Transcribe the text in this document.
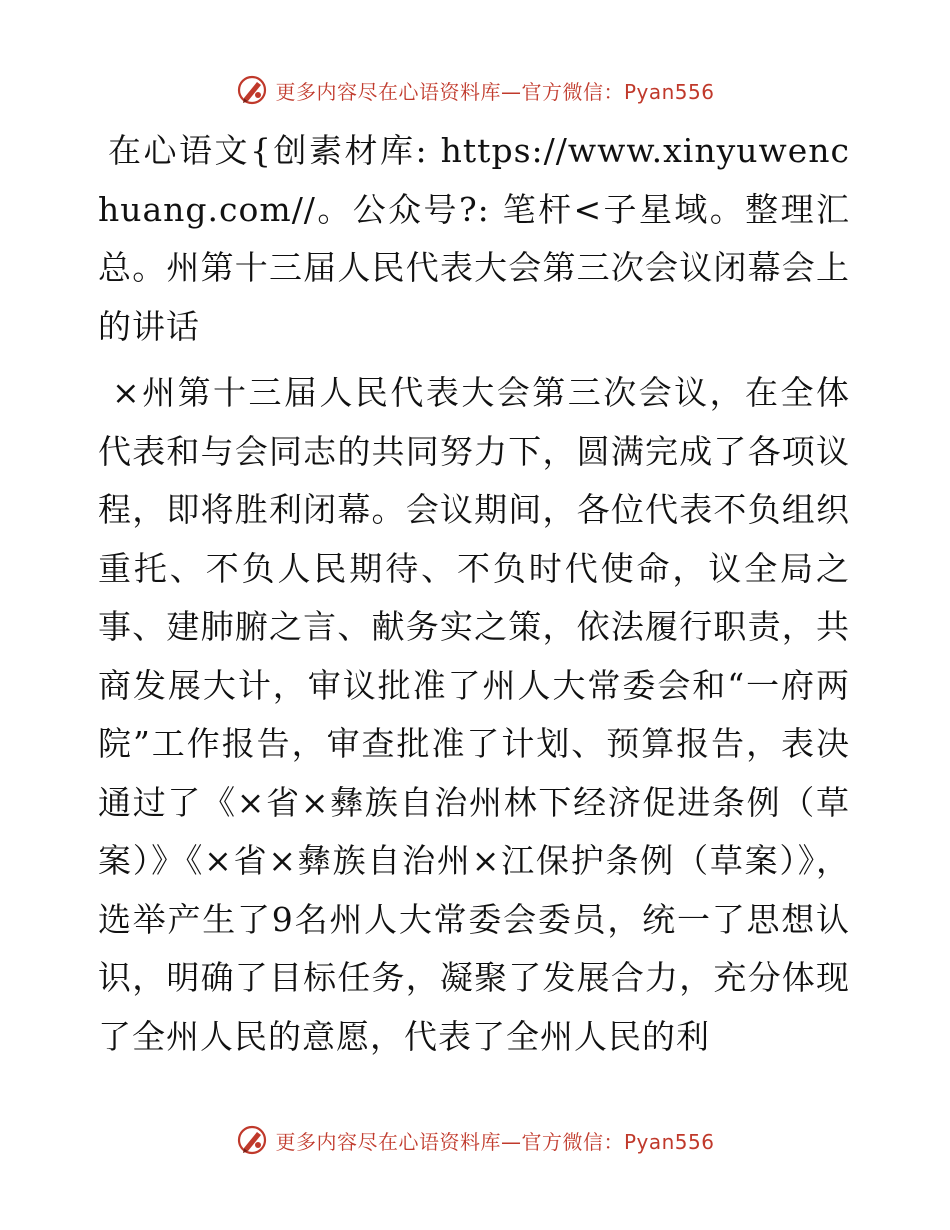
更多内容尽在心语资料库—官方微信：Pyan556

在心语文{创素材库: https://www.xinyuwenchuang.com//。公众号?: 笔杆<子星域。整理汇总。州第十三届人民代表大会第三次会议闭幕会上的讲话

×州第十三届人民代表大会第三次会议，在全体代表和与会同志的共同努力下，圆满完成了各项议程，即将胜利闭幕。会议期间，各位代表不负组织重托、不负人民期待、不负时代使命，议全局之事、建肺腑之言、献务实之策，依法履行职责，共商发展大计，审议批准了州人大常委会和“一府两院”工作报告，审查批准了计划、预算报告，表决通过了《×省×彝族自治州林下经济促进条例（草案）》《×省×彝族自治州×江保护条例（草案）》，选举产生了9名州人大常委会委员，统一了思想认识，明确了目标任务，凝聚了发展合力，充分体现了全州人民的意愿，代表了全州人民的利

更多内容尽在心语资料库—官方微信：Pyan556
